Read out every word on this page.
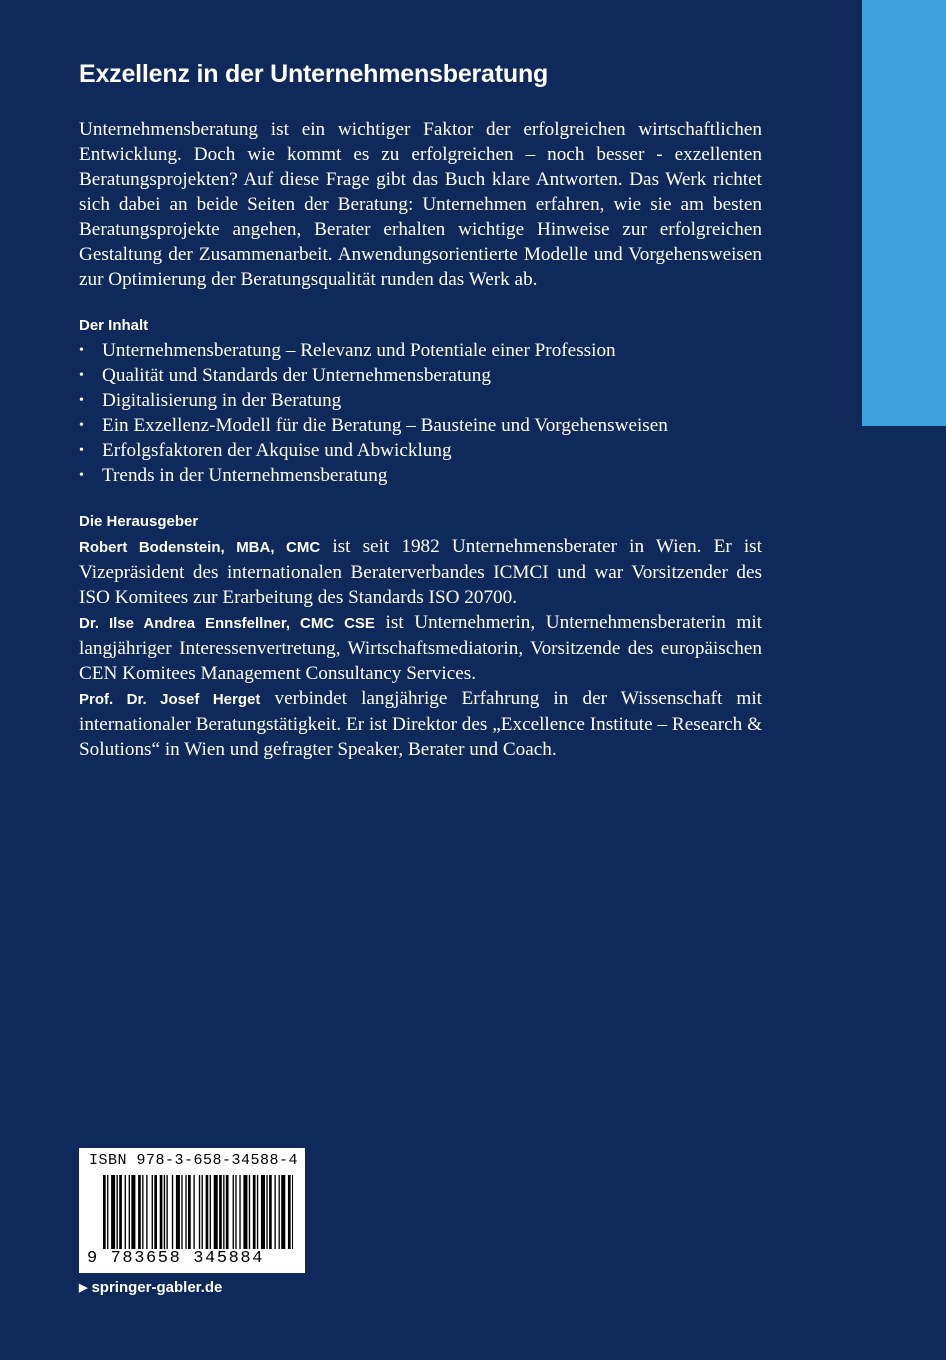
Exzellenz in der Unternehmensberatung

Unternehmensberatung ist ein wichtiger Faktor der erfolgreichen wirtschaftlichen Entwicklung. Doch wie kommt es zu erfolgreichen – noch besser - exzellenten Beratungsprojekten? Auf diese Frage gibt das Buch klare Antworten. Das Werk richtet sich dabei an beide Seiten der Beratung: Unternehmen erfahren, wie sie am besten Beratungsprojekte angehen, Berater erhalten wichtige Hinweise zur erfolgreichen Gestaltung der Zusammenarbeit. Anwendungsorientierte Modelle und Vorgehensweisen zur Optimierung der Beratungsqualität runden das Werk ab.

Der Inhalt
• Unternehmensberatung – Relevanz und Potentiale einer Profession
• Qualität und Standards der Unternehmensberatung
• Digitalisierung in der Beratung
• Ein Exzellenz-Modell für die Beratung – Bausteine und Vorgehensweisen
• Erfolgsfaktoren der Akquise und Abwicklung
• Trends in der Unternehmensberatung
Die Herausgeber

Robert Bodenstein, MBA, CMC ist seit 1982 Unternehmensberater in Wien. Er ist Vizepräsident des internationalen Beraterverbandes ICMCI und war Vorsitzender des ISO Komitees zur Erarbeitung des Standards ISO 20700.

Dr. Ilse Andrea Ennsfellner, CMC CSE ist Unternehmerin, Unternehmensberaterin mit langjähriger Interessenvertretung, Wirtschaftsmediatorin, Vorsitzende des europäischen CEN Komitees Management Consultancy Services.

Prof. Dr. Josef Herget verbindet langjährige Erfahrung in der Wissenschaft mit internationaler Beratungstätigkeit. Er ist Direktor des „Excellence Institute – Research & Solutions“ in Wien und gefragter Speaker, Berater und Coach.

ISBN 978-3-658-34588-4
9 783658 345884
▶ springer-gabler.de
